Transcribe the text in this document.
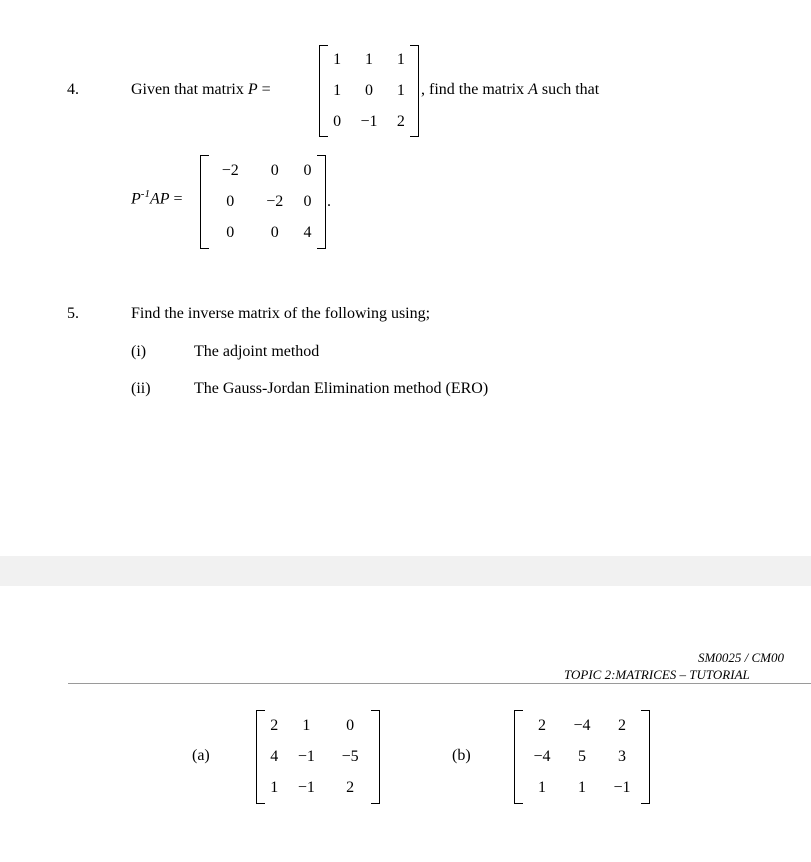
4.	Given that matrix P =
1	1	1
1	0	1
0	−1	2
, find the matrix A such that
$P^{-1}AP$ =
−2	0	0
0	−2	0
0	0	4
.
5.	Find the inverse matrix of the following using;
(i)	The adjoint method
(ii)	The Gauss-Jordan Elimination method (ERO)
SM0025 / CM00
TOPIC 2:MATRICES – TUTORIAL
(a)
2	1	0
4	−1	−5
1	−1	2
(b)
2	−4	2
−4	5	3
1	1	−1
